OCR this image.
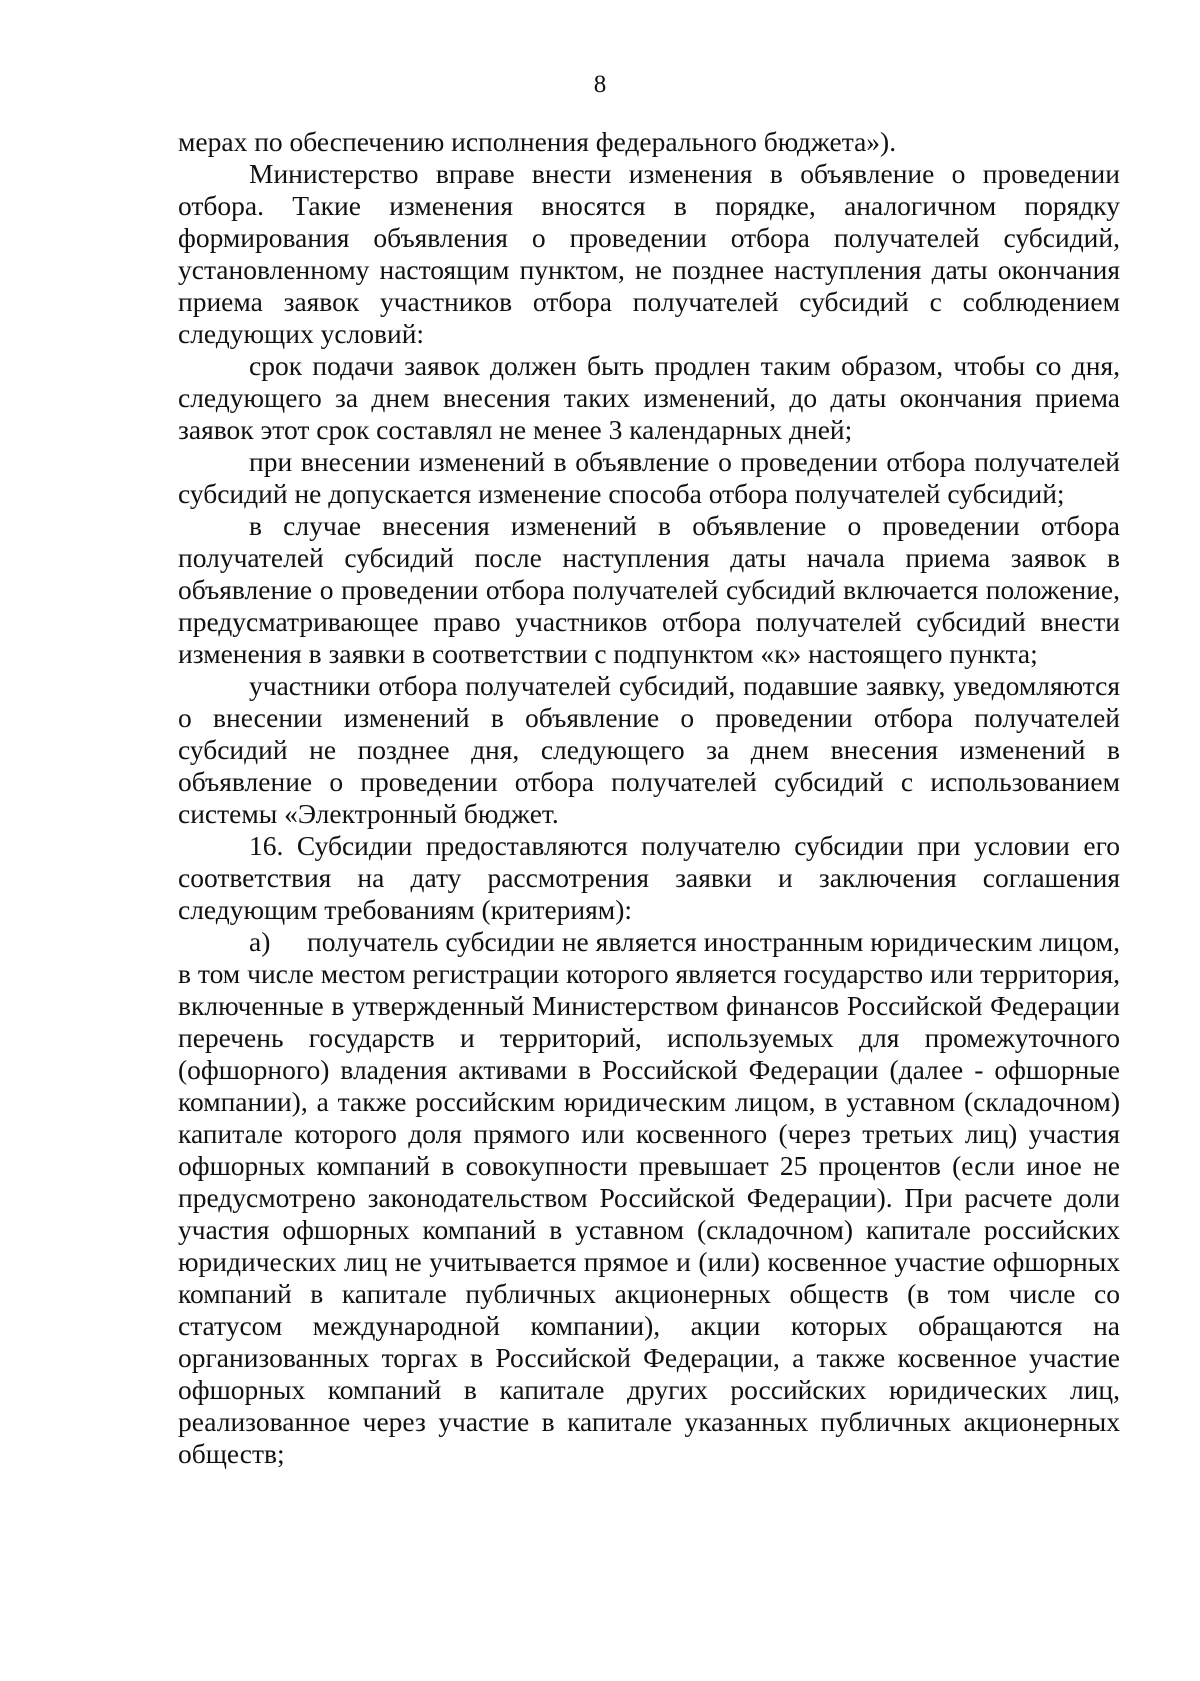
8

мерах по обеспечению исполнения федерального бюджета»).

Министерство вправе внести изменения в объявление о проведении отбора. Такие изменения вносятся в порядке, аналогичном порядку формирования объявления о проведении отбора получателей субсидий, установленному настоящим пунктом, не позднее наступления даты окончания приема заявок участников отбора получателей субсидий с соблюдением следующих условий:

срок подачи заявок должен быть продлен таким образом, чтобы со дня, следующего за днем внесения таких изменений, до даты окончания приема заявок этот срок составлял не менее 3 календарных дней;

при внесении изменений в объявление о проведении отбора получателей субсидий не допускается изменение способа отбора получателей субсидий;

в случае внесения изменений в объявление о проведении отбора получателей субсидий после наступления даты начала приема заявок в объявление о проведении отбора получателей субсидий включается положение, предусматривающее право участников отбора получателей субсидий внести изменения в заявки в соответствии с подпунктом «к» настоящего пункта;

участники отбора получателей субсидий, подавшие заявку, уведомляются о внесении изменений в объявление о проведении отбора получателей субсидий не позднее дня, следующего за днем внесения изменений в объявление о проведении отбора получателей субсидий с использованием системы «Электронный бюджет.

16. Субсидии предоставляются получателю субсидии при условии его соответствия на дату рассмотрения заявки и заключения соглашения следующим требованиям (критериям):

а) получатель субсидии не является иностранным юридическим лицом, в том числе местом регистрации которого является государство или территория, включенные в утвержденный Министерством финансов Российской Федерации перечень государств и территорий, используемых для промежуточного (офшорного) владения активами в Российской Федерации (далее - офшорные компании), а также российским юридическим лицом, в уставном (складочном) капитале которого доля прямого или косвенного (через третьих лиц) участия офшорных компаний в совокупности превышает 25 процентов (если иное не предусмотрено законодательством Российской Федерации). При расчете доли участия офшорных компаний в уставном (складочном) капитале российских юридических лиц не учитывается прямое и (или) косвенное участие офшорных компаний в капитале публичных акционерных обществ (в том числе со статусом международной компании), акции которых обращаются на организованных торгах в Российской Федерации, а также косвенное участие офшорных компаний в капитале других российских юридических лиц, реализованное через участие в капитале указанных публичных акционерных обществ;
